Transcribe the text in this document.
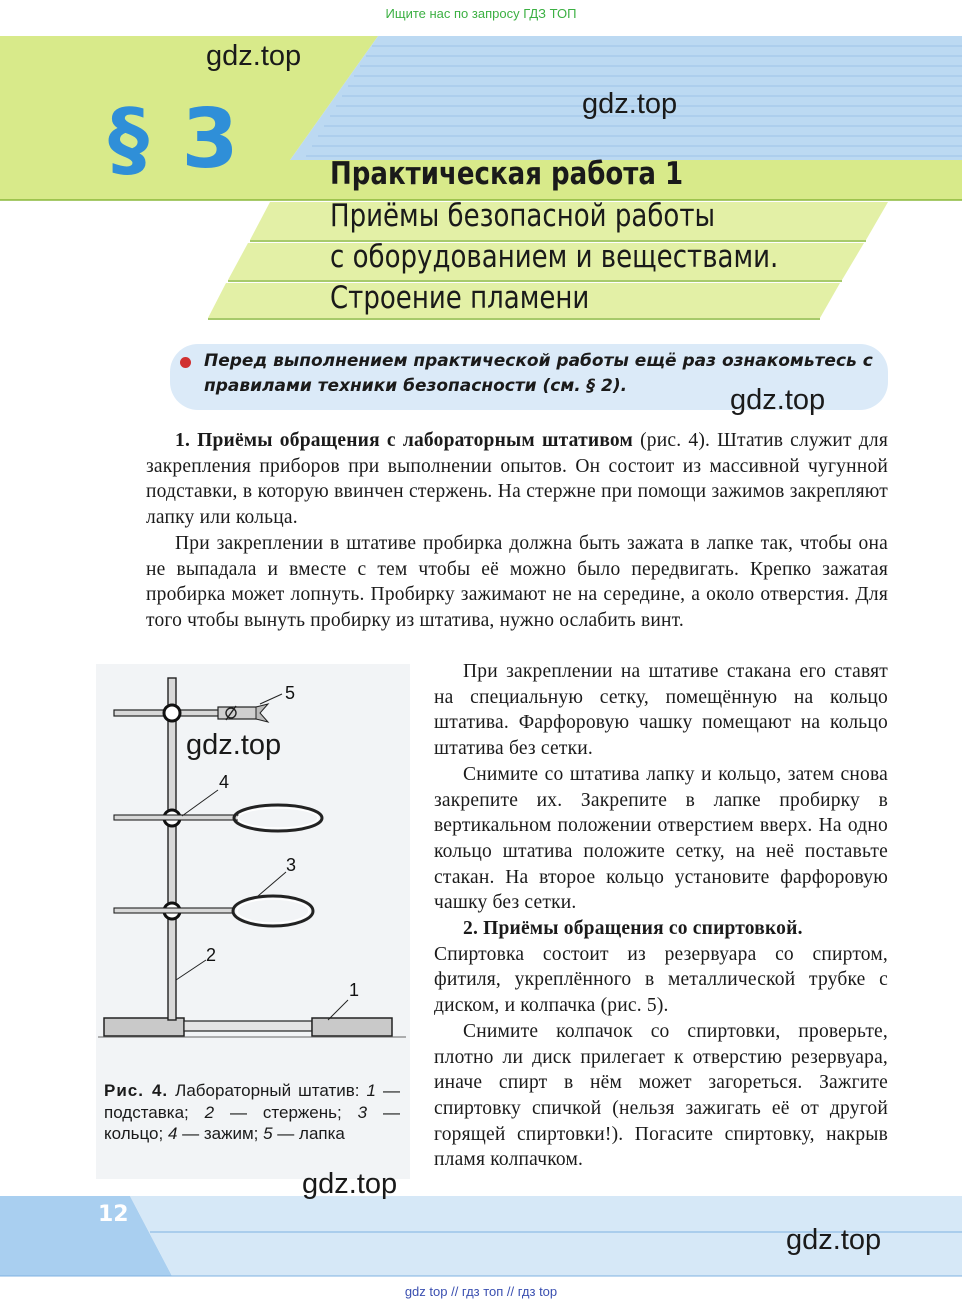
Ищите нас по запросу ГДЗ ТОП
§ 3	Практическая работа 1
Приёмы безопасной работы
с оборудованием и веществами.
Строение пламени
Перед выполнением практической работы ещё раз ознакомьтесь с правилами техники безопасности (см. § 2).

1. Приёмы обращения с лабораторным штативом (рис. 4). Штатив служит для закрепления приборов при выполнении опытов. Он состоит из массивной чугунной подставки, в которую ввинчен стержень. На стержне при помощи зажимов закрепляют лапку или кольца.

При закреплении в штативе пробирка должна быть зажата в лапке так, чтобы она не выпадала и вместе с тем чтобы её можно было передвигать. Крепко зажатая пробирка может лопнуть. Пробирку зажимают не на середине, а около отверстия. Для того чтобы вынуть пробирку из штатива, нужно ослабить винт.

При закреплении на штативе стакана его ставят на специальную сетку, помещённую на кольцо штатива. Фарфоровую чашку помещают на кольцо штатива без сетки.

Снимите со штатива лапку и кольцо, затем снова закрепите их. Закрепите в лапке пробирку в вертикальном положении отверстием вверх. На одно кольцо штатива положите сетку, на неё поставьте стакан. На второе кольцо установите фарфоровую чашку без сетки.

2. Приёмы обращения со спиртовкой.

Спиртовка состоит из резервуара со спиртом, фитиля, укреплённого в металлической трубке с диском, и колпачка (рис. 5).

Снимите колпачок со спиртовки, проверьте, плотно ли диск прилегает к отверстию резервуара, иначе спирт в нём может загореться. Зажгите спиртовку спичкой (нельзя зажигать её от другой горящей спиртовки!). Погасите спиртовку, накрыв пламя колпачком.

5
4
3
2
1
Рис. 4. Лабораторный штатив: 1 — подставка; 2 — стержень; 3 — кольцо; 4 — зажим; 5 — лапка
gdz.top
gdz.top
gdz.top
gdz.top
gdz.top
gdz.top
12
gdz top // гдз топ // гдз top
